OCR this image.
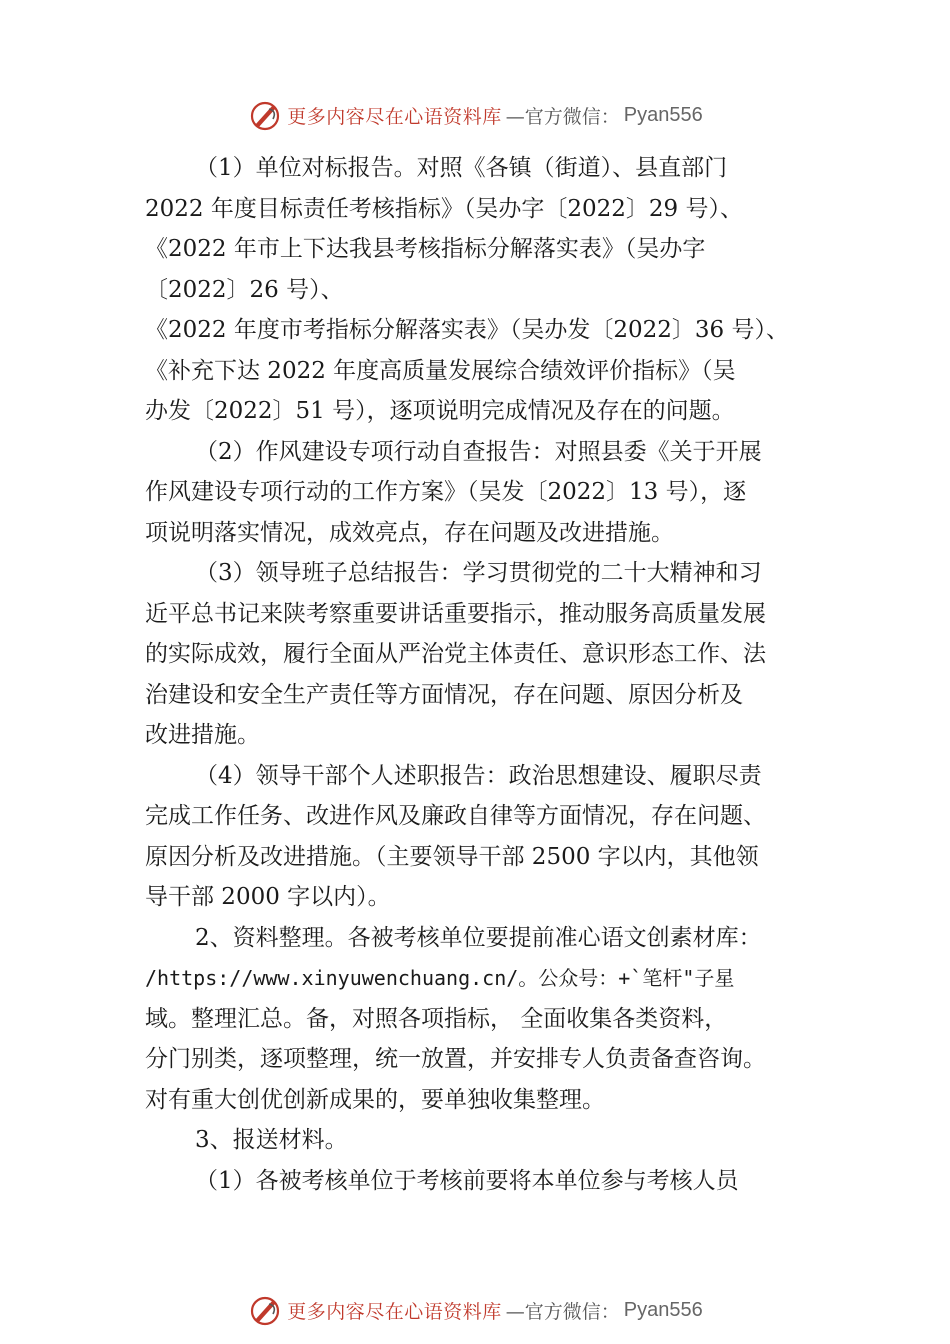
更多内容尽在心语资料库 —官方微信： Pyan556
（1）单位对标报告。对照《各镇（街道）、县直部门
2022 年度目标责任考核指标》（吴办字〔2022〕29 号）、
《2022 年市上下达我县考核指标分解落实表》（吴办字
〔2022〕26 号）、
《2022 年度市考指标分解落实表》（吴办发〔2022〕36 号）、
《补充下达 2022 年度高质量发展综合绩效评价指标》（吴
办发〔2022〕51 号），逐项说明完成情况及存在的问题。
（2）作风建设专项行动自查报告：对照县委《关于开展
作风建设专项行动的工作方案》（吴发〔2022〕13 号），逐
项说明落实情况，成效亮点，存在问题及改进措施。
（3）领导班子总结报告：学习贯彻党的二十大精神和习
近平总书记来陕考察重要讲话重要指示，推动服务高质量发展
的实际成效，履行全面从严治党主体责任、意识形态工作、法
治建设和安全生产责任等方面情况，存在问题、原因分析及
改进措施。
（4）领导干部个人述职报告：政治思想建设、履职尽责
完成工作任务、改进作风及廉政自律等方面情况，存在问题、
原因分析及改进措施。（主要领导干部 2500 字以内，其他领
导干部 2000 字以内）。
2、资料整理。各被考核单位要提前准心语文创素材库：
/https://www.xinyuwenchuang.cn/。公众号：+`笔杆"子星
域。整理汇总。备，对照各项指标， 全面收集各类资料，
分门别类，逐项整理，统一放置，并安排专人负责备查咨询。
对有重大创优创新成果的，要单独收集整理。
3、报送材料。
（1）各被考核单位于考核前要将本单位参与考核人员
更多内容尽在心语资料库 —官方微信： Pyan556
